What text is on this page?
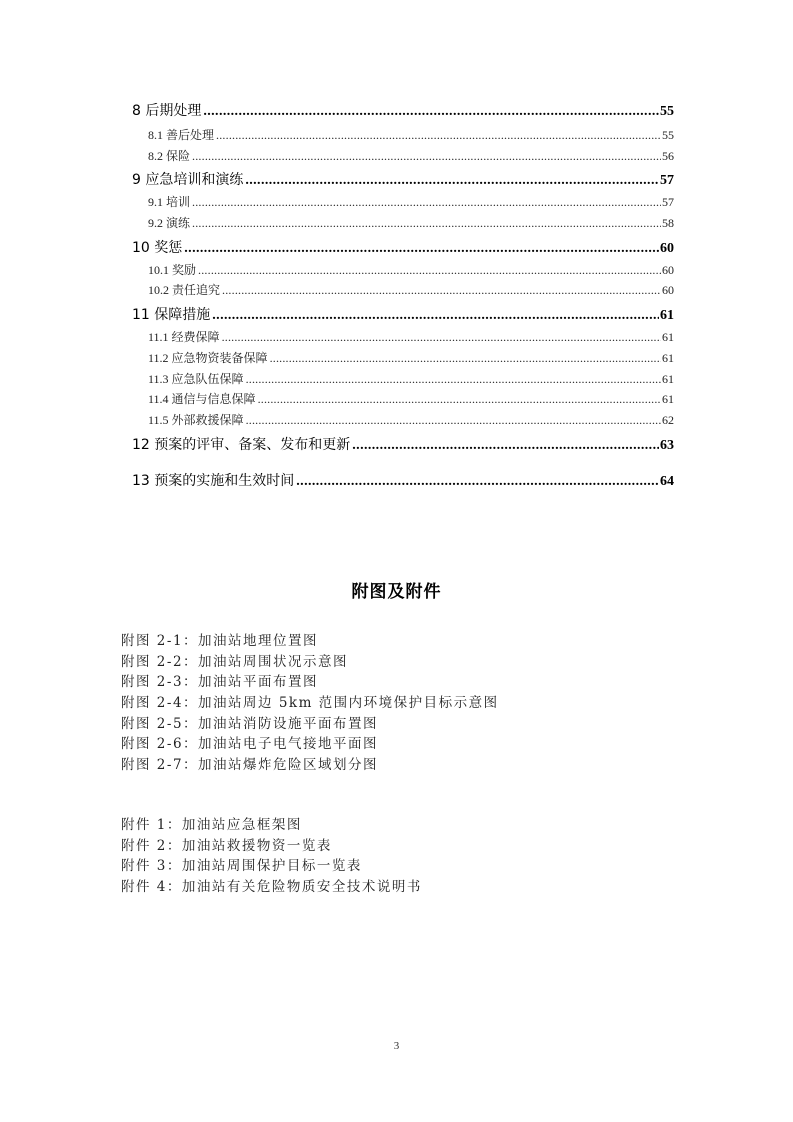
8 后期处理 .....	55
8.1 善后处理 .....	55
8.2 保险 .....	56
9 应急培训和演练 .....	57
9.1 培训 .....	57
9.2 演练 .....	58
10 奖惩 .....	60
10.1 奖励 .....	60
10.2 责任追究 .....	60
11 保障措施 .....	61
11.1 经费保障 .....	61
11.2 应急物资装备保障 .....	61
11.3 应急队伍保障 .....	61
11.4 通信与信息保障 .....	61
11.5 外部救援保障 .....	62
12 预案的评审、备案、发布和更新 .....	63
13 预案的实施和生效时间 .....	64
附图及附件
附图 2-1：加油站地理位置图
附图 2-2：加油站周围状况示意图
附图 2-3：加油站平面布置图
附图 2-4：加油站周边 5km 范围内环境保护目标示意图
附图 2-5：加油站消防设施平面布置图
附图 2-6：加油站电子电气接地平面图
附图 2-7：加油站爆炸危险区域划分图
附件 1：加油站应急框架图
附件 2：加油站救援物资一览表
附件 3：加油站周围保护目标一览表
附件 4：加油站有关危险物质安全技术说明书
3
